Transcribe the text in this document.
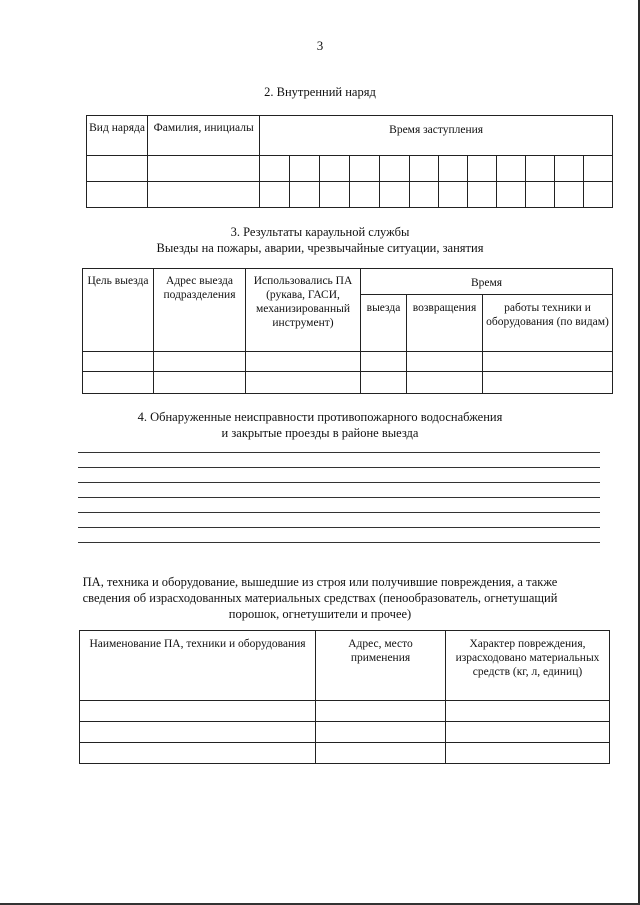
3
2. Внутренний наряд
Вид наряда	Фамилия, инициалы	Время заступления											

3. Результаты караульной службы
Выезды на пожары, аварии, чрезвычайные ситуации, занятия
Цель выезда	Адрес выезда подразделения	Использовались ПА (рукава, ГАСИ, механизированный инструмент)	Время		
			выезда	возвращения	работы техники и оборудования (по видам)

4. Обнаруженные неисправности противопожарного водоснабжения
и закрытые проезды в районе выезда
ПА, техника и оборудование, вышедшие из строя или получившие повреждения, а также
сведения об израсходованных материальных средствах (пенообразователь, огнетушащий
порошок, огнетушители и прочее)
Наименование ПА, техники и оборудования	Адрес, место применения	Характер повреждения, израсходовано материальных средств (кг, л, единиц)
